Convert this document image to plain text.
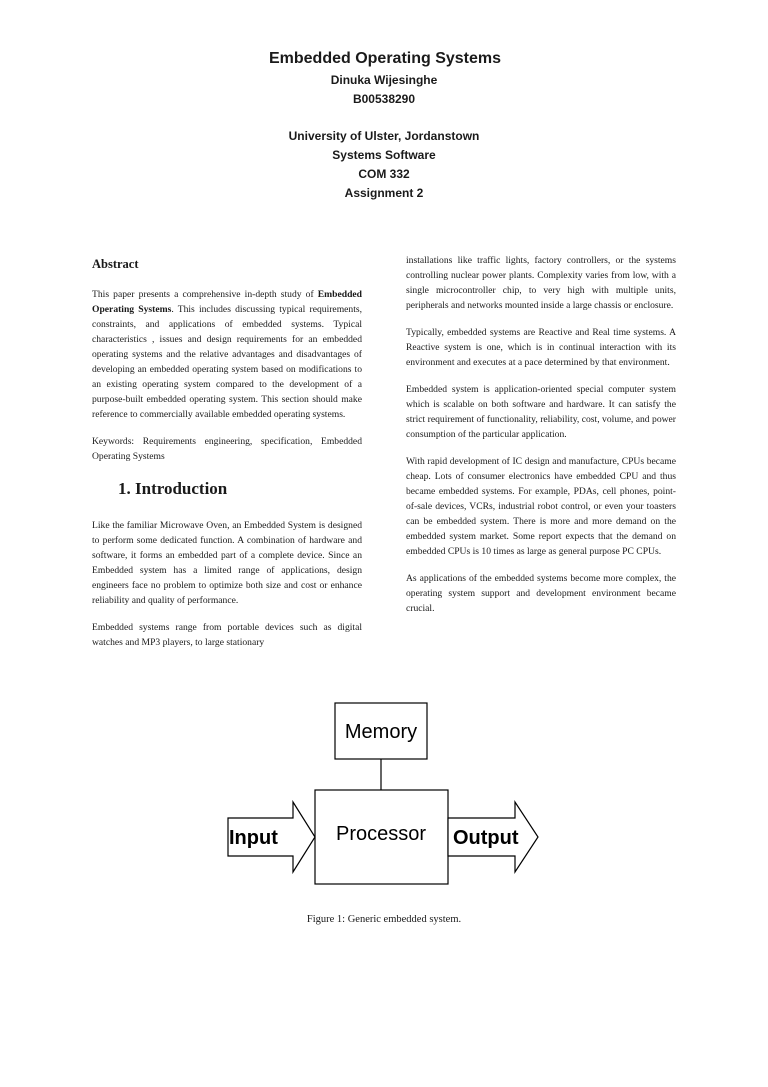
Embedded Operating Systems
Dinuka Wijesinghe
B00538290
University of Ulster, Jordanstown
Systems Software
COM 332
Assignment 2
Abstract

This paper presents a comprehensive in-depth study of Embedded Operating Systems. This includes discussing typical requirements, constraints, and applications of embedded systems. Typical characteristics , issues and design requirements for an embedded operating systems and the relative advantages and disadvantages of developing an embedded operating system based on modifications to an existing operating system compared to the development of a purpose-built embedded operating system. This section should make reference to commercially available embedded operating systems.

Keywords: Requirements engineering, specification, Embedded Operating Systems

1. Introduction

Like the familiar Microwave Oven, an Embedded System is designed to perform some dedicated function. A combination of hardware and software, it forms an embedded part of a complete device. Since an Embedded system has a limited range of applications, design engineers face no problem to optimize both size and cost or enhance reliability and quality of performance.

Embedded systems range from portable devices such as digital watches and MP3 players, to large stationary

installations like traffic lights, factory controllers, or the systems controlling nuclear power plants. Complexity varies from low, with a single microcontroller chip, to very high with multiple units, peripherals and networks mounted inside a large chassis or enclosure.

Typically, embedded systems are Reactive and Real time systems. A Reactive system is one, which is in continual interaction with its environment and executes at a pace determined by that environment.

Embedded system is application-oriented special computer system which is scalable on both software and hardware. It can satisfy the strict requirement of functionality, reliability, cost, volume, and power consumption of the particular application.

With rapid development of IC design and manufacture, CPUs became cheap. Lots of consumer electronics have embedded CPU and thus became embedded systems. For example, PDAs, cell phones, point-of-sale devices, VCRs, industrial robot control, or even your toasters can be embedded system. There is more and more demand on the embedded system market. Some report expects that the demand on embedded CPUs is 10 times as large as general purpose PC CPUs.

As applications of the embedded systems become more complex, the operating system support and development environment became crucial.

Memory
Processor
Input	Output
Figure 1: Generic embedded system.
